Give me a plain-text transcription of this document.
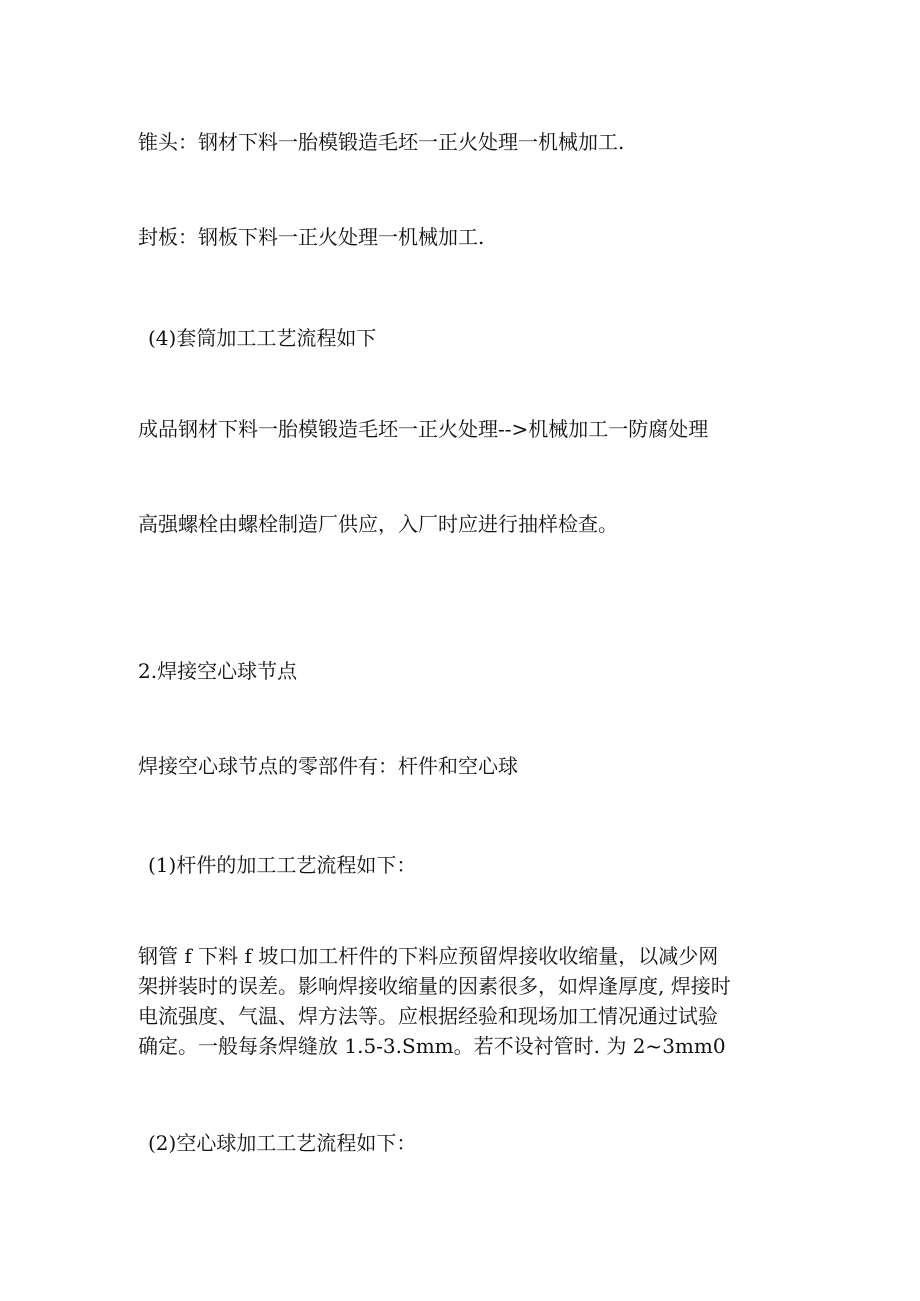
锥头：钢材下料一胎模锻造毛坯一正火处理一机械加工.
封板：钢板下料一正火处理一机械加工.
(4)套筒加工工艺流程如下
成品钢材下料一胎模锻造毛坯一正火处理-->机械加工一防腐处理
高强螺栓由螺栓制造厂供应，入厂时应进行抽样检查。
2.焊接空心球节点
焊接空心球节点的零部件有：杆件和空心球
(1)杆件的加工工艺流程如下：
钢管 f 下料 f 坡口加工杆件的下料应预留焊接收收缩量，以减少网
架拼装时的误差。影响焊接收缩量的因素很多，如焊逢厚度, 焊接时
电流强度、气温、焊方法等。应根据经验和现场加工情况通过试验
确定。一般每条焊缝放 1.5-3.Smm。若不设衬管时. 为 2~3mm0
(2)空心球加工工艺流程如下：
